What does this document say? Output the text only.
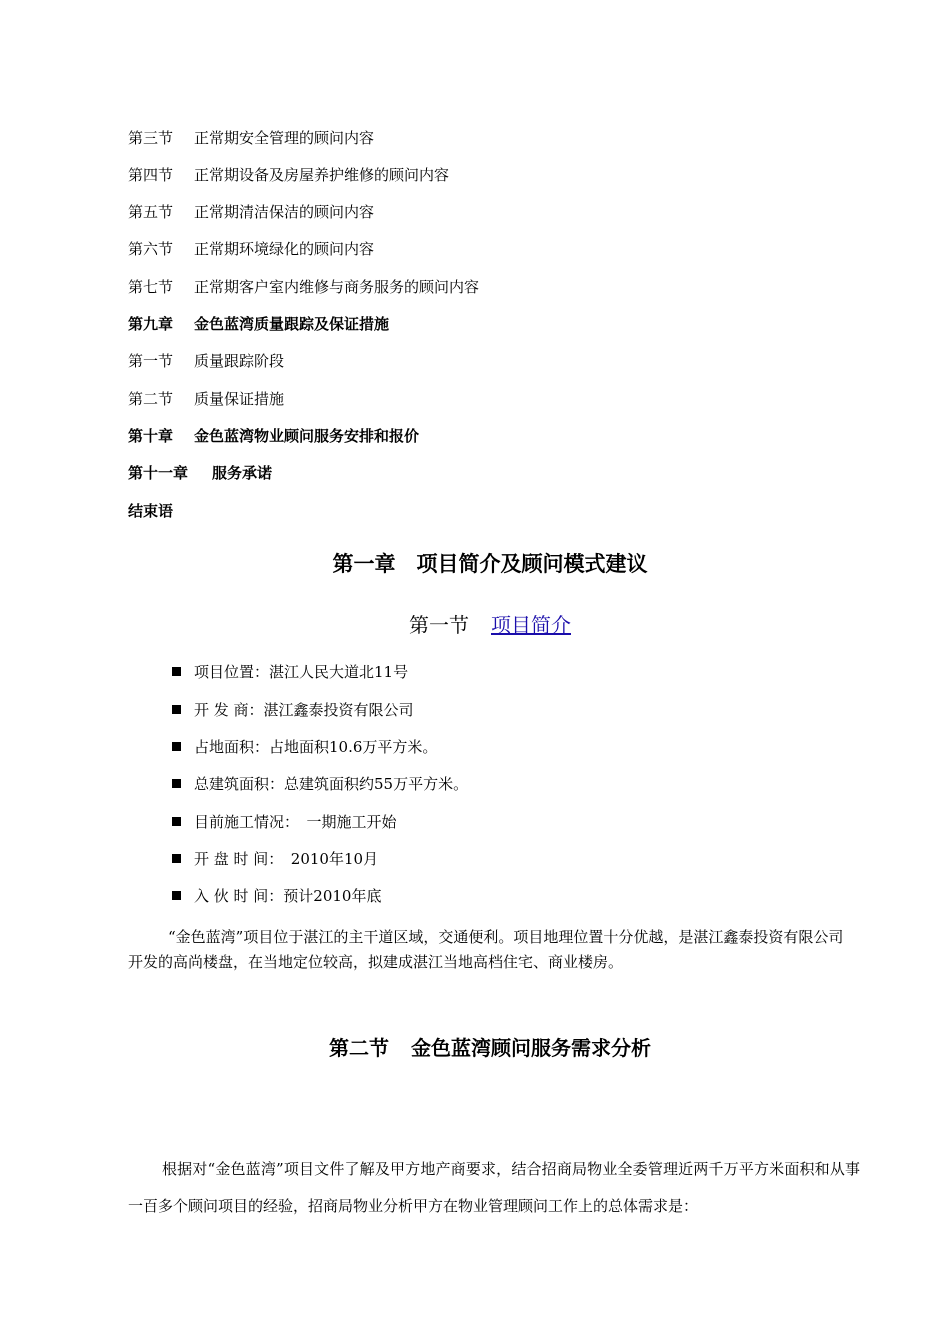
第三节 正常期安全管理的顾问内容
第四节 正常期设备及房屋养护维修的顾问内容
第五节 正常期清洁保洁的顾问内容
第六节 正常期环境绿化的顾问内容
第七节 正常期客户室内维修与商务服务的顾问内容
第九章 金色蓝湾质量跟踪及保证措施
第一节 质量跟踪阶段
第二节 质量保证措施
第十章 金色蓝湾物业顾问服务安排和报价
第十一章 服务承诺
结束语
第一章　项目简介及顾问模式建议
第一节 项目简介
项目位置：湛江人民大道北11号
开 发 商：湛江鑫泰投资有限公司
占地面积：占地面积10.6万平方米。
总建筑面积：总建筑面积约55万平方米。
目前施工情况：　一期施工开始
开 盘 时 间：　2010年10月
入 伙 时 间：预计2010年底
“金色蓝湾”项目位于湛江的主干道区域，交通便利。项目地理位置十分优越，是湛江鑫泰投资有限公司开发的高尚楼盘，在当地定位较高，拟建成湛江当地高档住宅、商业楼房。
第二节 金色蓝湾顾问服务需求分析
根据对“金色蓝湾”项目文件了解及甲方地产商要求，结合招商局物业全委管理近两千万平方米面积和从事一百多个顾问项目的经验，招商局物业分析甲方在物业管理顾问工作上的总体需求是：
